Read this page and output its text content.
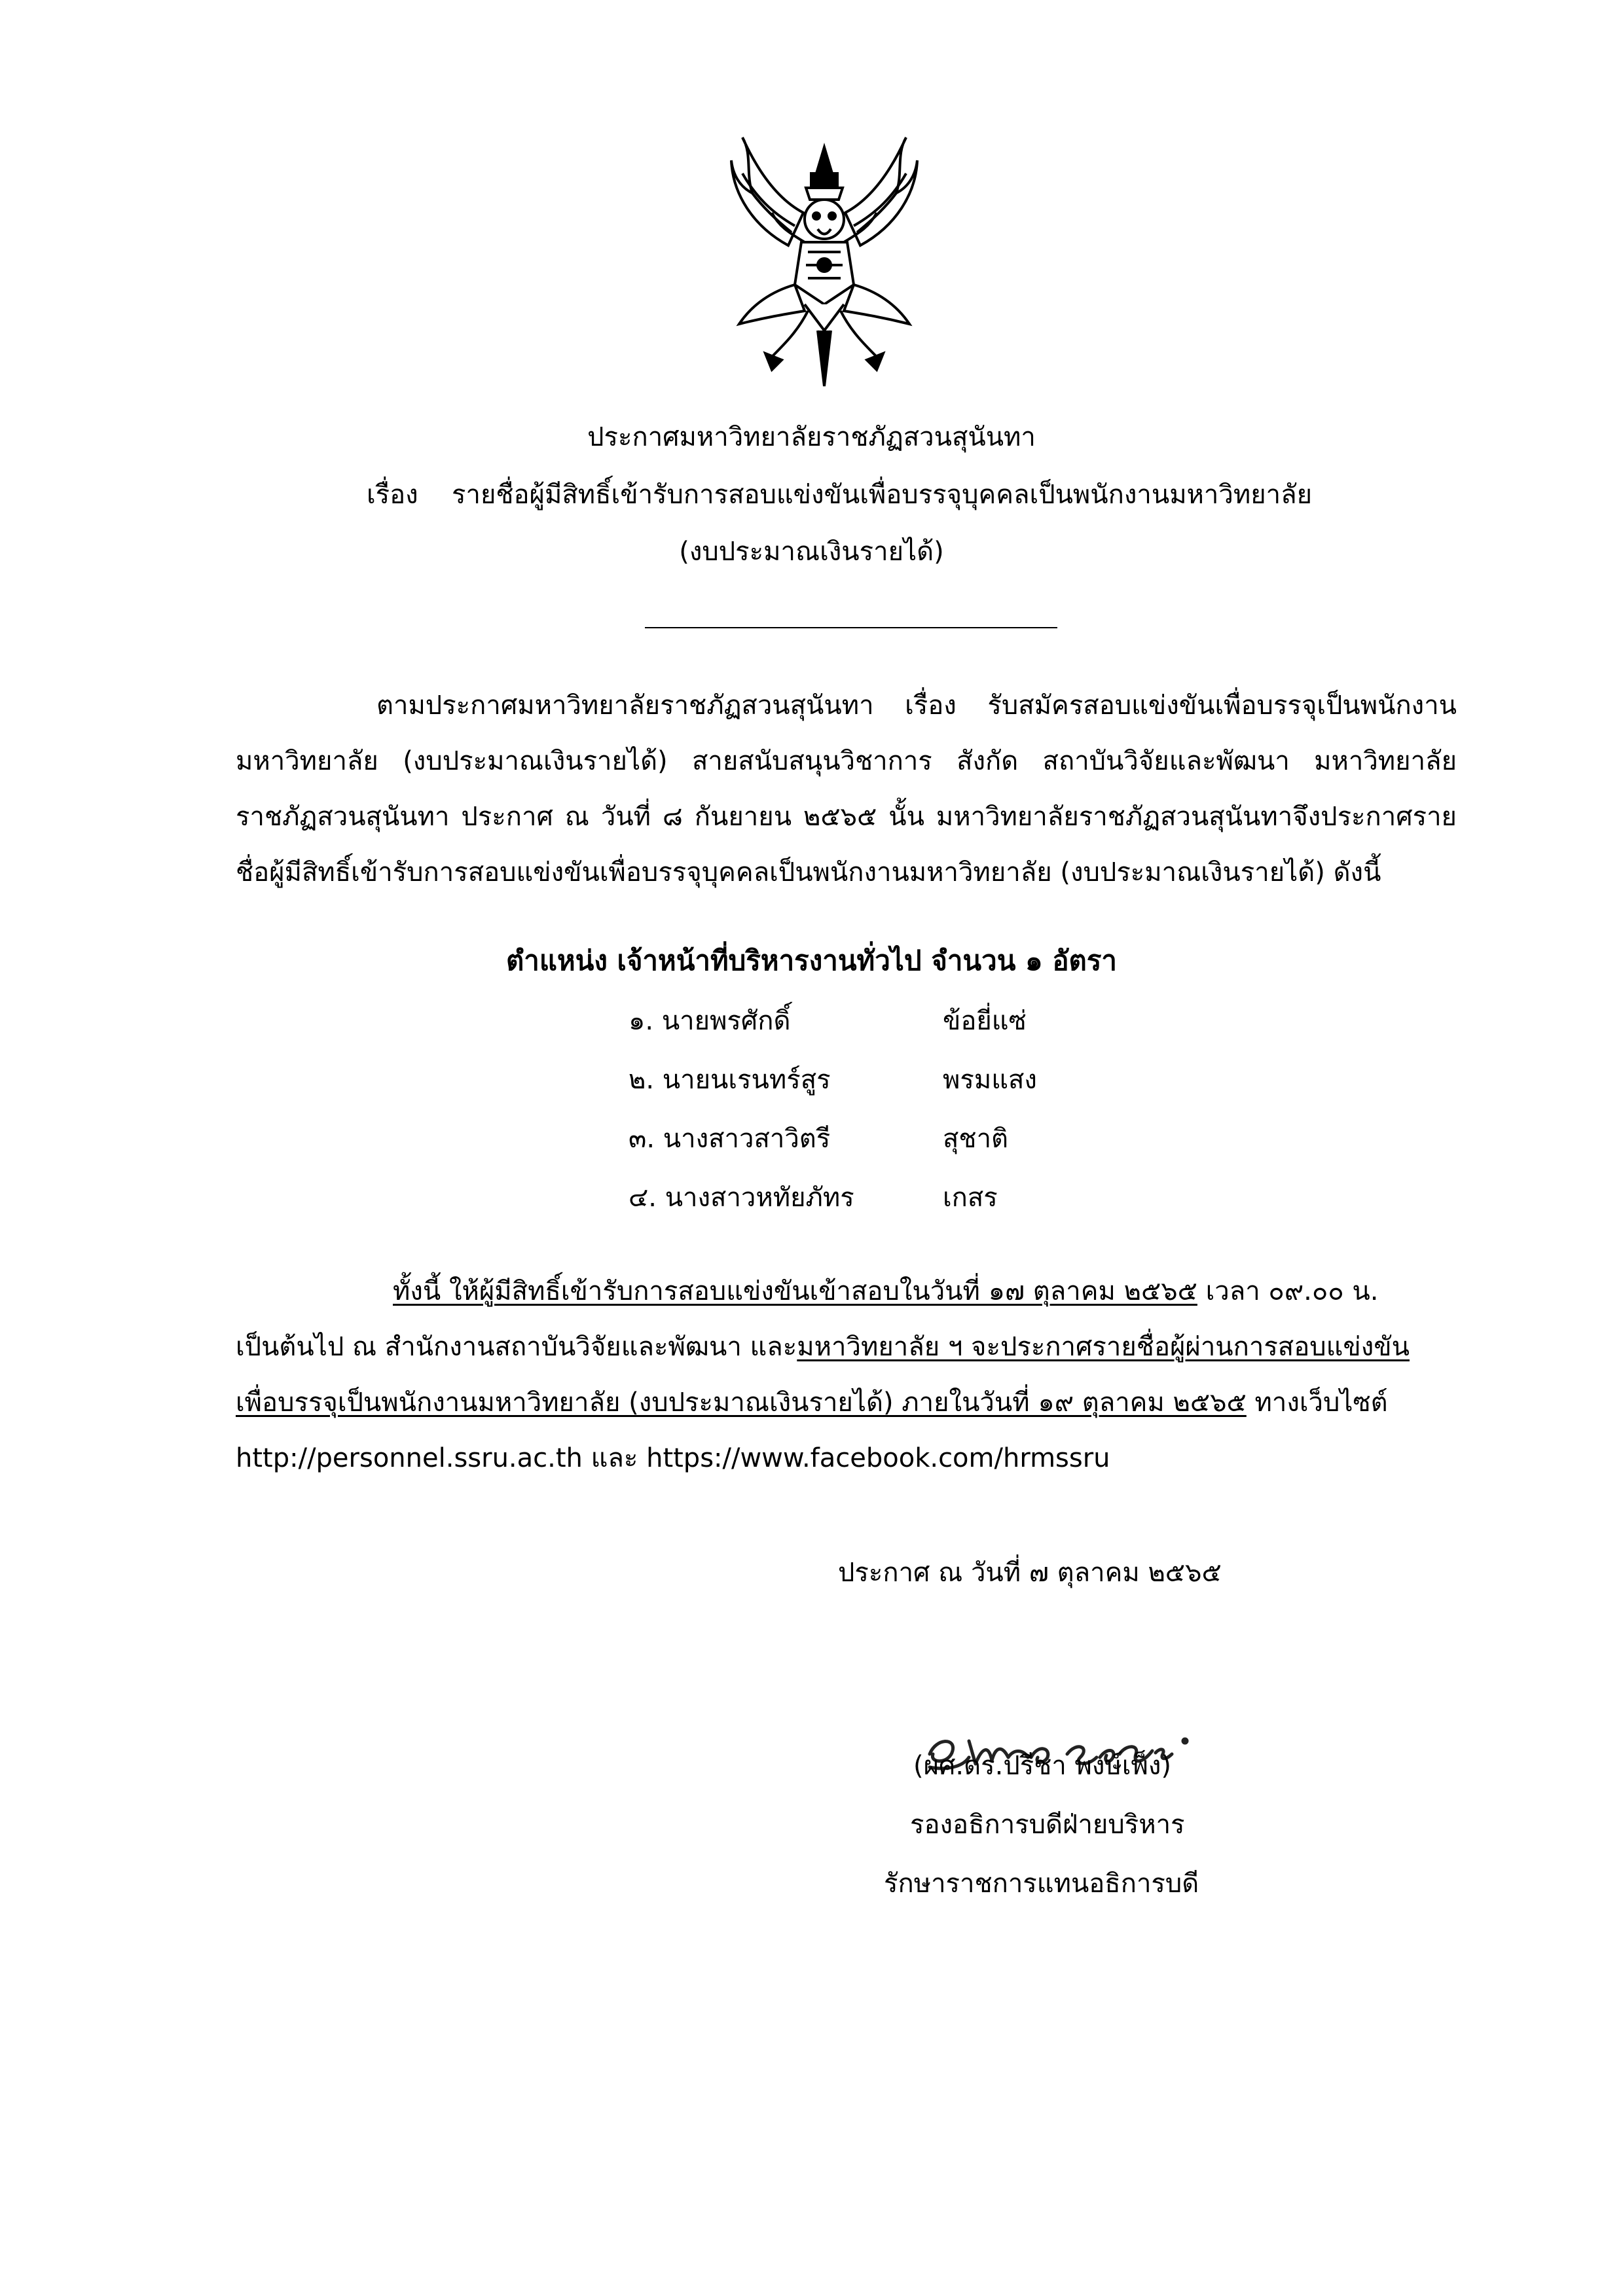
ประกาศมหาวิทยาลัยราชภัฏสวนสุนันทา
เรื่อง รายชื่อผู้มีสิทธิ์เข้ารับการสอบแข่งขันเพื่อบรรจุบุคคลเป็นพนักงานมหาวิทยาลัย
(งบประมาณเงินรายได้)
ตามประกาศมหาวิทยาลัยราชภัฏสวนสุนันทา เรื่อง รับสมัครสอบแข่งขันเพื่อบรรจุเป็นพนักงาน
มหาวิทยาลัย (งบประมาณเงินรายได้) สายสนับสนุนวิชาการ สังกัด สถาบันวิจัยและพัฒนา มหาวิทยาลัย
ราชภัฏสวนสุนันทา ประกาศ ณ วันที่ ๘ กันยายน ๒๕๖๕ นั้น มหาวิทยาลัยราชภัฏสวนสุนันทาจึงประกาศราย
ชื่อผู้มีสิทธิ์เข้ารับการสอบแข่งขันเพื่อบรรจุบุคคลเป็นพนักงานมหาวิทยาลัย (งบประมาณเงินรายได้) ดังนี้
ตำแหน่ง เจ้าหน้าที่บริหารงานทั่วไป จำนวน ๑ อัตรา
๑. นายพรศักดิ์	ข้อยี่แซ่
๒. นายนเรนทร์สูร	พรมแสง
๓. นางสาวสาวิตรี	สุชาติ
๔. นางสาวหทัยภัทร	เกสร
ทั้งนี้ ให้ผู้มีสิทธิ์เข้ารับการสอบแข่งขันเข้าสอบในวันที่ ๑๗ ตุลาคม ๒๕๖๕ เวลา ๐๙.๐๐ น.
เป็นต้นไป ณ สำนักงานสถาบันวิจัยและพัฒนา และมหาวิทยาลัย ฯ จะประกาศรายชื่อผู้ผ่านการสอบแข่งขัน
เพื่อบรรจุเป็นพนักงานมหาวิทยาลัย (งบประมาณเงินรายได้) ภายในวันที่ ๑๙ ตุลาคม ๒๕๖๕ ทางเว็บไซต์
http://personnel.ssru.ac.th และ https://www.facebook.com/hrmssru
ประกาศ ณ วันที่ ๗ ตุลาคม ๒๕๖๕
(ผศ.ดร.ปรีชา พงษ์เพ็ง)
รองอธิการบดีฝ่ายบริหาร
รักษาราชการแทนอธิการบดี
